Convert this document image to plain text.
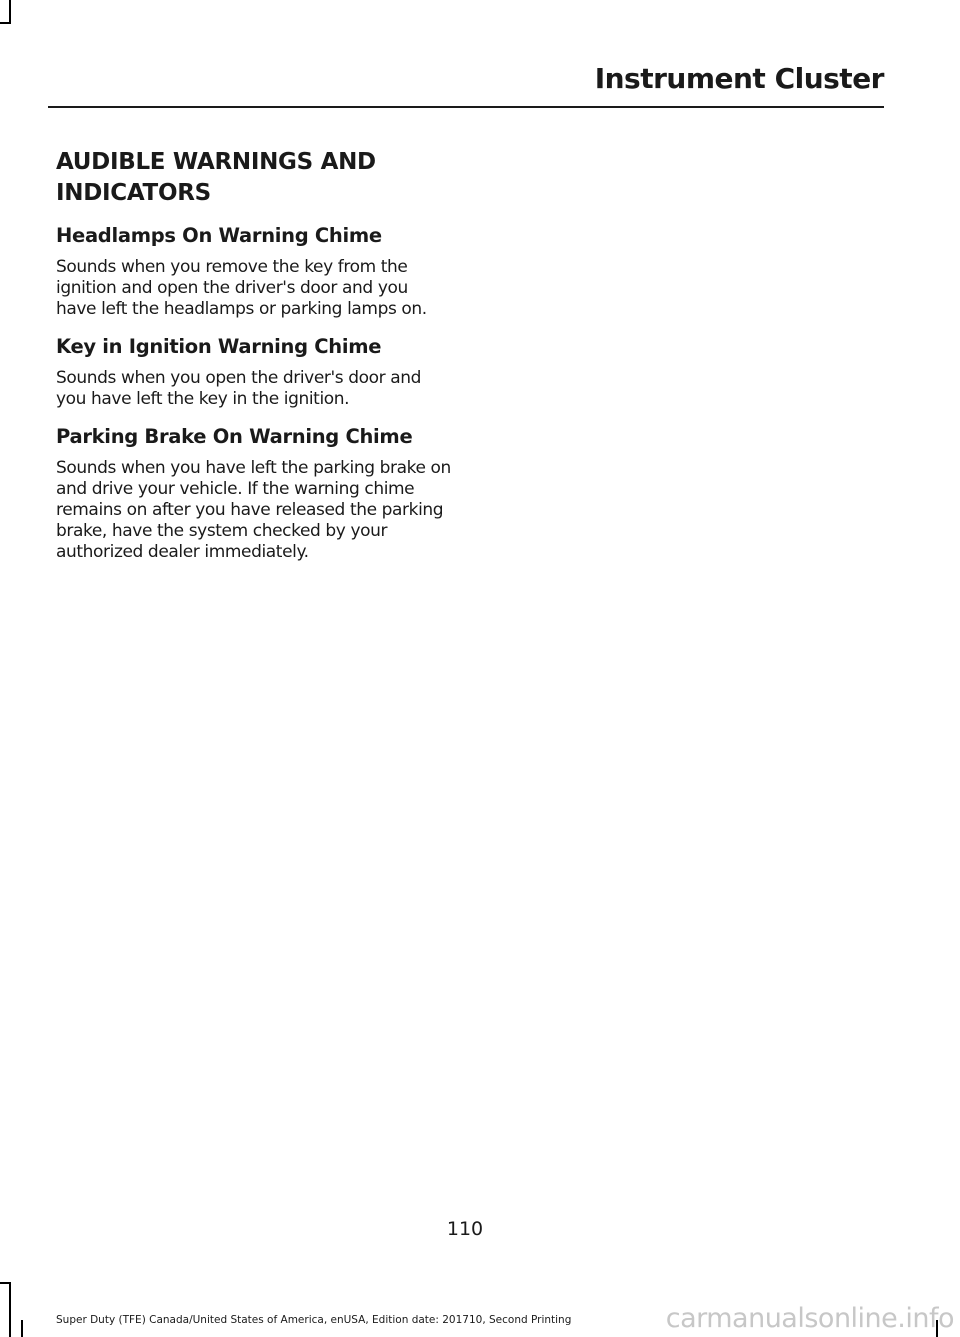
Instrument Cluster
AUDIBLE WARNINGS AND INDICATORS
Headlamps On Warning Chime

Sounds when you remove the key from the ignition and open the driver's door and you have left the headlamps or parking lamps on.

Key in Ignition Warning Chime

Sounds when you open the driver's door and you have left the key in the ignition.

Parking Brake On Warning Chime

Sounds when you have left the parking brake on and drive your vehicle. If the warning chime remains on after you have released the parking brake, have the system checked by your authorized dealer immediately.

110
Super Duty (TFE) Canada/United States of America, enUSA, Edition date: 201710, Second Printing	carmanualsonline.info
